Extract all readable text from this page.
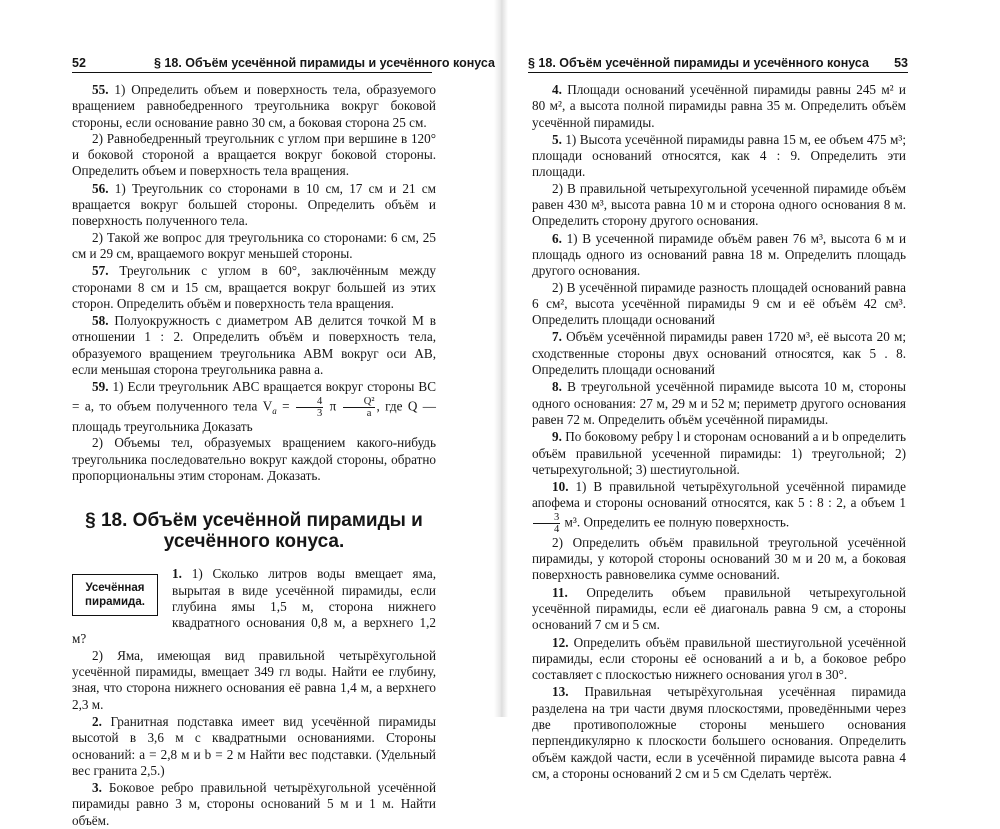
52	§ 18. Объём усечённой пирамиды и усечённого конуса

55. 1) Определить объем и поверхность тела, образуемого вращением равнобедренного треугольника вокруг боковой стороны, если основание равно 30 см, а боковая сторона 25 см.

2) Равнобедренный треугольник с углом при вершине в 120° и боковой стороной a вращается вокруг боковой стороны. Определить объем и поверхность тела вращения.

56. 1) Треугольник со сторонами в 10 см, 17 см и 21 см вращается вокруг большей стороны. Определить объём и поверхность полученного тела.

2) Такой же вопрос для треугольника со сторонами: 6 см, 25 см и 29 см, вращаемого вокруг меньшей стороны.

57. Треугольник с углом в 60°, заключённым между сторонами 8 см и 15 см, вращается вокруг большей из этих сторон. Определить объём и поверхность тела вращения.

58. Полуокружность с диаметром AB делится точкой M в отношении 1 : 2. Определить объём и поверхность тела, образуемого вращением треугольника ABM вокруг оси AB, если меньшая сторона треугольника равна a.

59. 1) Если треугольник ABC вращается вокруг стороны BC = a, то объем полученного тела $V_a = \frac{4}{3}$ π $\frac{\text{Q²}}{a}$ , где Q — площадь треугольника Доказать

2) Объемы тел, образуемых вращением какого-нибудь треугольника последовательно вокруг каждой стороны, обратно пропорциональны этим сторонам. Доказать.

§ 18. Объём усечённой пирамиды и усечённого конуса.
Усечённая пирамида.

1. 1) Сколько литров воды вмещает яма, вырытая в виде усечённой пирамиды, если глубина ямы 1,5 м, сторона нижнего квадратного основания 0,8 м, а верхнего 1,2 м?

2) Яма, имеющая вид правильной четырёхугольной усечённой пирамиды, вмещает 349 гл воды. Найти ее глубину, зная, что сторона нижнего основания её равна 1,4 м, а верхнего 2,3 м.

2. Гранитная подставка имеет вид усечённой пирамиды высотой в 3,6 м с квадратными основаниями. Стороны оснований: a = 2,8 м и b = 2 м Найти вес подставки. (Удельный вес гранита 2,5.)

3. Боковое ребро правильной четырёхугольной усечённой пирамиды равно 3 м, стороны оснований 5 м и 1 м. Найти объём.

§ 18. Объём усечённой пирамиды и усечённого конуса 53

4. Площади оснований усечённой пирамиды равны 245 м² и 80 м², а высота полной пирамиды равна 35 м. Определить объём усечённой пирамиды.

5. 1) Высота усечённой пирамиды равна 15 м, ее объем 475 м³; площади оснований относятся, как 4 : 9. Определить эти площади.

2) В правильной четырехугольной усеченной пирамиде объём равен 430 м³, высота равна 10 м и сторона одного основания 8 м. Определить сторону другого основания.

6. 1) В усеченной пирамиде объём равен 76 м³, высота 6 м и площадь одного из оснований равна 18 м. Определить площадь другого основания.

2) В усечённой пирамиде разность площадей оснований равна 6 см², высота усечённой пирамиды 9 см и её объём 42 см³. Определить площади оснований

7. Объём усечённой пирамиды равен 1720 м³, её высота 20 м; сходственные стороны двух оснований относятся, как 5 . 8. Определить площади оснований

8. В треугольной усечённой пирамиде высота 10 м, стороны одного основания: 27 м, 29 м и 52 м; периметр другого основания равен 72 м. Определить объём усечённой пирамиды.

9. По боковому ребру l и сторонам оснований a и b определить объём правильной усеченной пирамиды: 1) треугольной; 2) четырехугольной; 3) шестиугольной.

10. 1) В правильной четырёхугольной усечённой пирамиде апофема и стороны оснований относятся, как 5 : 8 : 2, а объем 1
$\frac{3}{4} м^3$. Определить ее полную поверхность.

2) Определить объём правильной треугольной усечённой пирамиды, у которой стороны оснований 30 м и 20 м, а боковая поверхность равновелика сумме оснований.

11. Определить объем правильной четырехугольной усечённой пирамиды, если её диагональ равна 9 см, а стороны оснований 7 см и 5 см.

12. Определить объём правильной шестиугольной усечённой пирамиды, если стороны её оснований a и b, а боковое ребро составляет с плоскостью нижнего основания угол в 30°.

13. Правильная четырёхугольная усечённая пирамида разделена на три части двумя плоскостями, проведёнными через две противоположные стороны меньшего основания перпендикулярно к плоскости большего основания. Определить объём каждой части, если в усечённой пирамиде высота равна 4 см, а стороны оснований 2 см и 5 см Сделать чертёж.
